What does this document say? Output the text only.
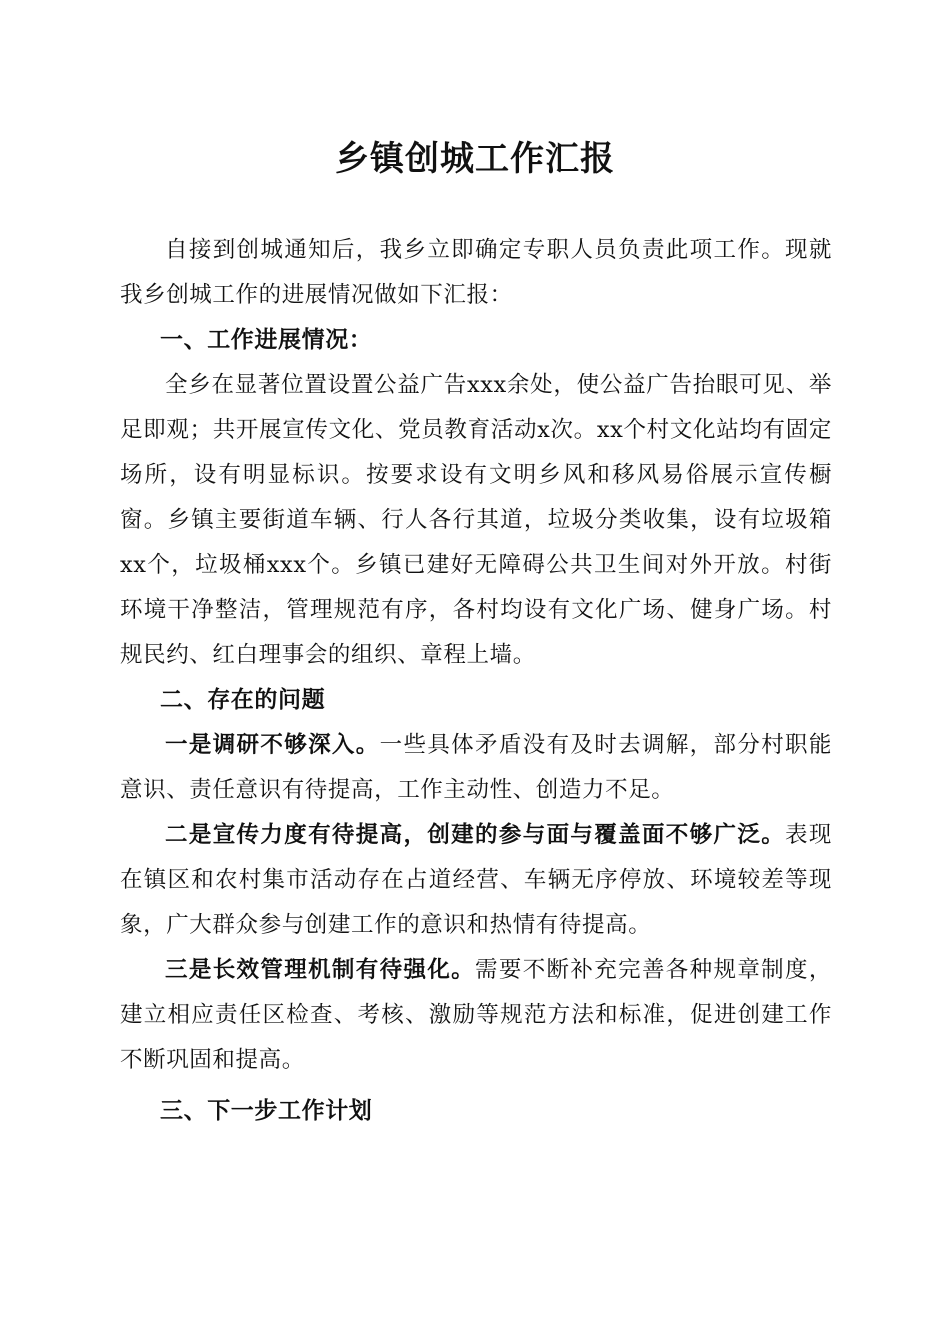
乡镇创城工作汇报

自接到创城通知后，我乡立即确定专职人员负责此项工作。现就我乡创城工作的进展情况做如下汇报：

一、工作进展情况：

全乡在显著位置设置公益广告xxx余处，使公益广告抬眼可见、举足即观；共开展宣传文化、党员教育活动x次。xx个村文化站均有固定场所，设有明显标识。按要求设有文明乡风和移风易俗展示宣传橱窗。乡镇主要街道车辆、行人各行其道，垃圾分类收集，设有垃圾箱xx个，垃圾桶xxx个。乡镇已建好无障碍公共卫生间对外开放。村街环境干净整洁，管理规范有序，各村均设有文化广场、健身广场。村规民约、红白理事会的组织、章程上墙。

二、存在的问题

一是调研不够深入。一些具体矛盾没有及时去调解，部分村职能意识、责任意识有待提高，工作主动性、创造力不足。

二是宣传力度有待提高，创建的参与面与覆盖面不够广泛。表现在镇区和农村集市活动存在占道经营、车辆无序停放、环境较差等现象，广大群众参与创建工作的意识和热情有待提高。

三是长效管理机制有待强化。需要不断补充完善各种规章制度，建立相应责任区检查、考核、激励等规范方法和标准，促进创建工作不断巩固和提高。

三、下一步工作计划
